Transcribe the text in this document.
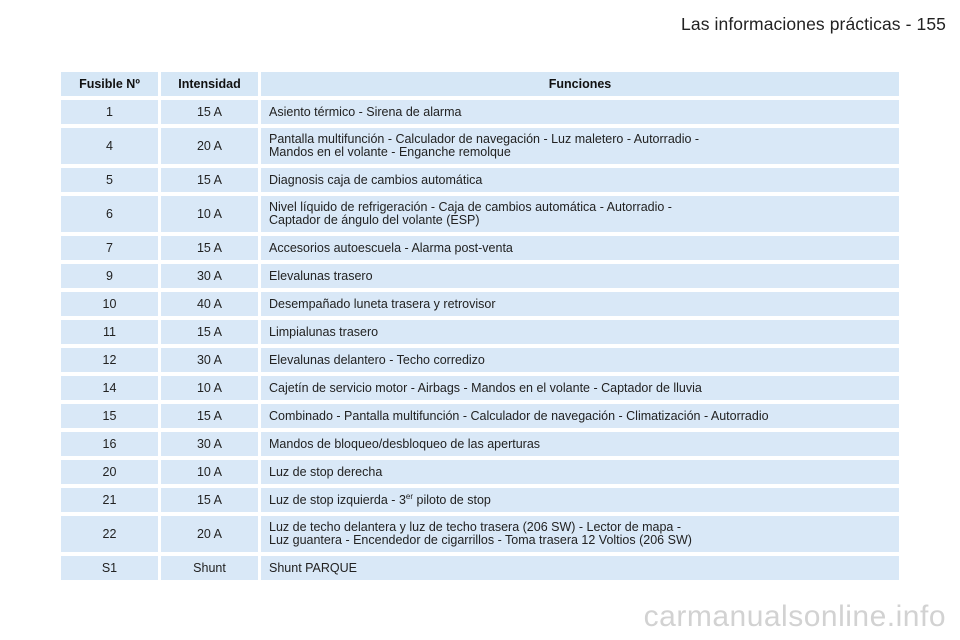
Las informaciones prácticas - 155
Fusible Nº	Intensidad	Funciones
1	15 A	Asiento térmico - Sirena de alarma

4	20 A	Pantalla multifunción - Calculador de navegación - Luz maletero - Autorradio -
Mandos en el volante - Enganche remolque

5	15 A	Diagnosis caja de cambios automática

6	10 A	Nivel líquido de refrigeración - Caja de cambios automática - Autorradio -
Captador de ángulo del volante (ESP)

7	15 A	Accesorios autoescuela - Alarma post-venta

9	30 A	Elevalunas trasero

10	40 A	Desempañado luneta trasera y retrovisor

11	15 A	Limpialunas trasero

12	30 A	Elevalunas delantero - Techo corredizo

14	10 A	Cajetín de servicio motor - Airbags - Mandos en el volante - Captador de lluvia

15	15 A	Combinado - Pantalla multifunción - Calculador de navegación - Climatización - Autorradio

16	30 A	Mandos de bloqueo/desbloqueo de las aperturas

20	10 A	Luz de stop derecha

21	15 A	Luz de stop izquierda - 3er piloto de stop

22	20 A	Luz de techo delantera y luz de techo trasera (206 SW) - Lector de mapa -
Luz guantera - Encendedor de cigarrillos - Toma trasera 12 Voltios (206 SW)

S1	Shunt	Shunt PARQUE
carmanualsonline.info
